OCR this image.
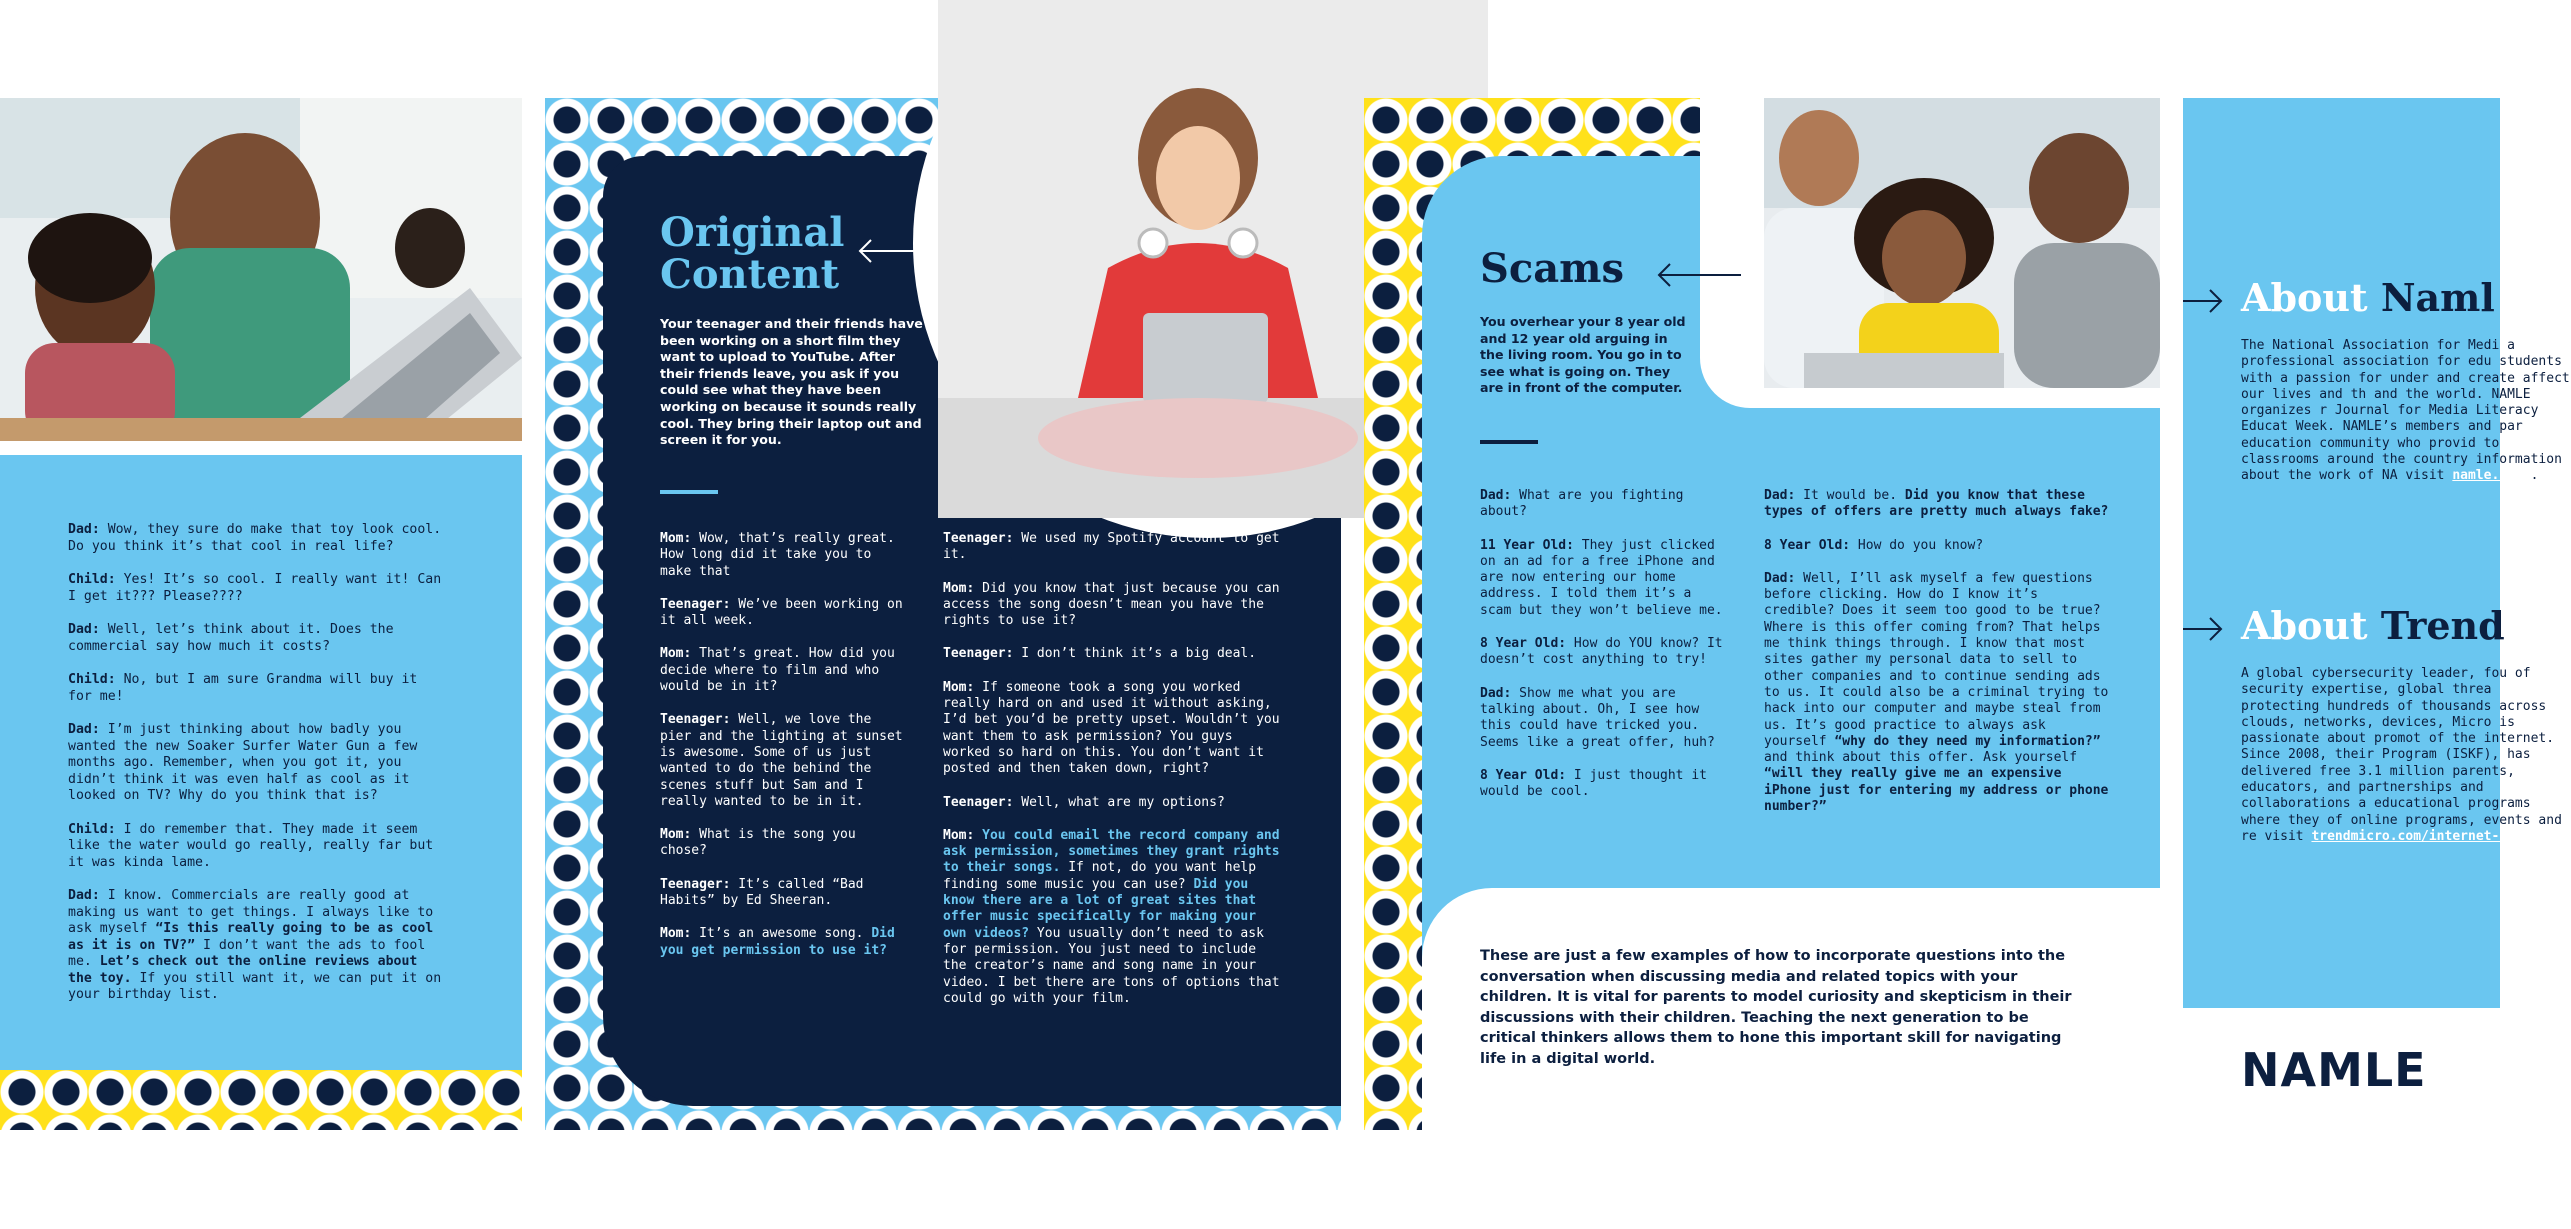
Dad: Wow, they sure do make that toy look cool. Do you think it’s that cool in real life?

Child: Yes! It’s so cool. I really want it! Can I get it??? Please????

Dad: Well, let’s think about it. Does the commercial say how much it costs?

Child: No, but I am sure Grandma will buy it for me!

Dad: I’m just thinking about how badly you wanted the new Soaker Surfer Water Gun a few months ago. Remember, when you got it, you didn’t think it was even half as cool as it looked on TV? Why do you think that is?

Child: I do remember that. They made it seem like the water would go really, really far but it was kinda lame.

Dad: I know. Commercials are really good at making us want to get things. I always like to ask myself “Is this really going to be as cool as it is on TV?” I don’t want the ads to fool me. Let’s check out the online reviews about the toy. If you still want it, we can put it on your birthday list.

Original
Content
Your teenager and their friends have been working on a short film they want to upload to YouTube. After their friends leave, you ask if you could see what they have been working on because it sounds really cool. They bring their laptop out and screen it for you.

Mom: Wow, that’s really great. How long did it take you to make that

Teenager: We’ve been working on it all week.

Mom: That’s great. How did you decide where to film and who would be in it?

Teenager: Well, we love the pier and the lighting at sunset is awesome. Some of us just wanted to do the behind the scenes stuff but Sam and I really wanted to be in it.

Mom: What is the song you chose?

Teenager: It’s called “Bad Habits” by Ed Sheeran.

Mom: It’s an awesome song. Did you get permission to use it?

Teenager: We used my Spotify account to get it.

Mom: Did you know that just because you can access the song doesn’t mean you have the rights to use it?

Teenager: I don’t think it’s a big deal.

Mom: If someone took a song you worked really hard on and used it without asking, I’d bet you’d be pretty upset. Wouldn’t you want them to ask permission? You guys worked so hard on this. You don’t want it posted and then taken down, right?

Teenager: Well, what are my options?

Mom: You could email the record company and ask permission, sometimes they grant rights to their songs. If not, do you want help finding some music you can use? Did you know there are a lot of great sites that offer music specifically for making your own videos? You usually don’t need to ask for permission. You just need to include the creator’s name and song name in your video. I bet there are tons of options that could go with your film.

Scams
You overhear your 8 year old and 12 year old arguing in the living room. You go in to see what is going on. They are in front of the computer.

Dad: What are you fighting about?

11 Year Old: They just clicked on an ad for a free iPhone and are now entering our home address. I told them it’s a scam but they won’t believe me.

8 Year Old: How do YOU know? It doesn’t cost anything to try!

Dad: Show me what you are talking about. Oh, I see how this could have tricked you. Seems like a great offer, huh?

8 Year Old: I just thought it would be cool.

Dad: It would be. Did you know that these types of offers are pretty much always fake?

8 Year Old: How do you know?

Dad: Well, I’ll ask myself a few questions before clicking. How do I know it’s credible? Does it seem too good to be true? Where is this offer coming from? That helps me think things through. I know that most sites gather my personal data to sell to other companies and to continue sending ads to us. It could also be a criminal trying to hack into our computer and maybe steal from us. It’s good practice to always ask yourself “why do they need my information?” and think about this offer. Ask yourself “will they really give me an expensive iPhone just for entering my address or phone number?”

These are just a few examples of how to incorporate questions into the conversation when discussing media and related topics with your children. It is vital for parents to model curiosity and skepticism in their discussions with their children. Teaching the next generation to be critical thinkers allows them to hone this important skill for navigating life in a digital world.
About Naml
The National Association for Medi a professional association for edu students with a passion for under and create affect our lives and th and the world. NAMLE organizes r Journal for Media Literacy Educat Week. NAMLE’s members and par education community who provid to classrooms around the country information about the work of NA visit namle.net .
About Trend
A global cybersecurity leader, fou of security expertise, global threa protecting hundreds of thousands across clouds, networks, devices, Micro is passionate about promot of the internet. Since 2008, their Program (ISKF), has delivered free 3.1 million parents, educators, and partnerships and collaborations a educational programs where they of online programs, events and re visit trendmicro.com/internet-saf
NAMLE
